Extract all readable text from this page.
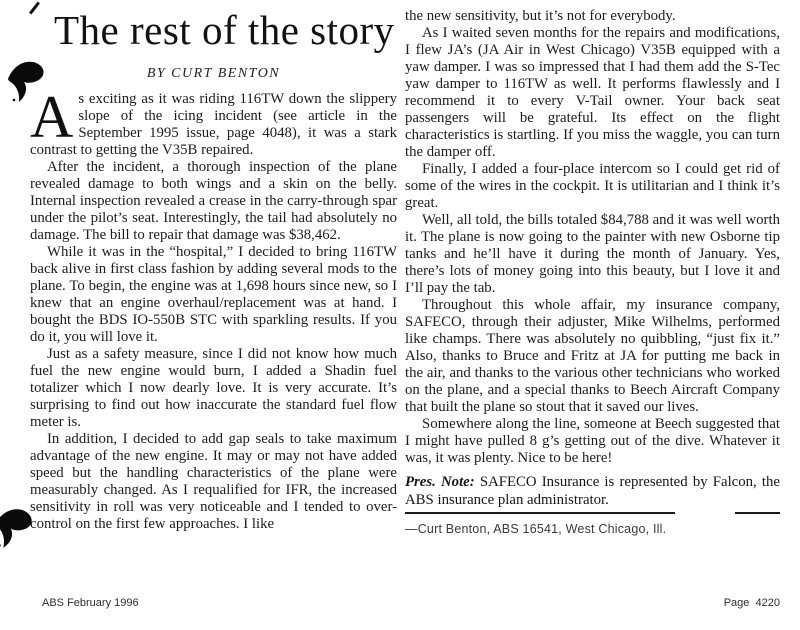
The rest of the story
BY CURT BENTON

As exciting as it was riding 116TW down the slippery slope of the icing incident (see article in the September 1995 issue, page 4048), it was a stark contrast to getting the V35B repaired.

After the incident, a thorough inspection of the plane revealed damage to both wings and a skin on the belly. Internal inspection revealed a crease in the carry-through spar under the pilot’s seat. Interestingly, the tail had absolutely no damage. The bill to repair that damage was $38,462.

While it was in the “hospital,” I decided to bring 116TW back alive in first class fashion by adding several mods to the plane. To begin, the engine was at 1,698 hours since new, so I knew that an engine overhaul/replacement was at hand. I bought the BDS IO-550B STC with sparkling results. If you do it, you will love it.

Just as a safety measure, since I did not know how much fuel the new engine would burn, I added a Shadin fuel totalizer which I now dearly love. It is very accurate. It’s surprising to find out how inaccurate the standard fuel flow meter is.

In addition, I decided to add gap seals to take maximum advantage of the new engine. It may or may not have added speed but the handling characteristics of the plane were measurably changed. As I requalified for IFR, the increased sensitivity in roll was very noticeable and I tended to over-control on the first few approaches. I like

the new sensitivity, but it’s not for everybody.

As I waited seven months for the repairs and modifications, I flew JA’s (JA Air in West Chicago) V35B equipped with a yaw damper. I was so impressed that I had them add the S-Tec yaw damper to 116TW as well. It performs flawlessly and I recommend it to every V-Tail owner. Your back seat passengers will be grateful. Its effect on the flight characteristics is startling. If you miss the waggle, you can turn the damper off.

Finally, I added a four-place intercom so I could get rid of some of the wires in the cockpit. It is utilitarian and I think it’s great.

Well, all told, the bills totaled $84,788 and it was well worth it. The plane is now going to the painter with new Osborne tip tanks and he’ll have it during the month of January. Yes, there’s lots of money going into this beauty, but I love it and I’ll pay the tab.

Throughout this whole affair, my insurance company, SAFECO, through their adjuster, Mike Wilhelms, performed like champs. There was absolutely no quibbling, “just fix it.” Also, thanks to Bruce and Fritz at JA for putting me back in the air, and thanks to the various other technicians who worked on the plane, and a special thanks to Beech Aircraft Company that built the plane so stout that it saved our lives.

Somewhere along the line, someone at Beech suggested that I might have pulled 8 g’s getting out of the dive. Whatever it was, it was plenty. Nice to be here!

Pres. Note: SAFECO Insurance is represented by Falcon, the ABS insurance plan administrator.

—Curt Benton, ABS 16541, West Chicago, Ill.
ABS February 1996	Page  4220
